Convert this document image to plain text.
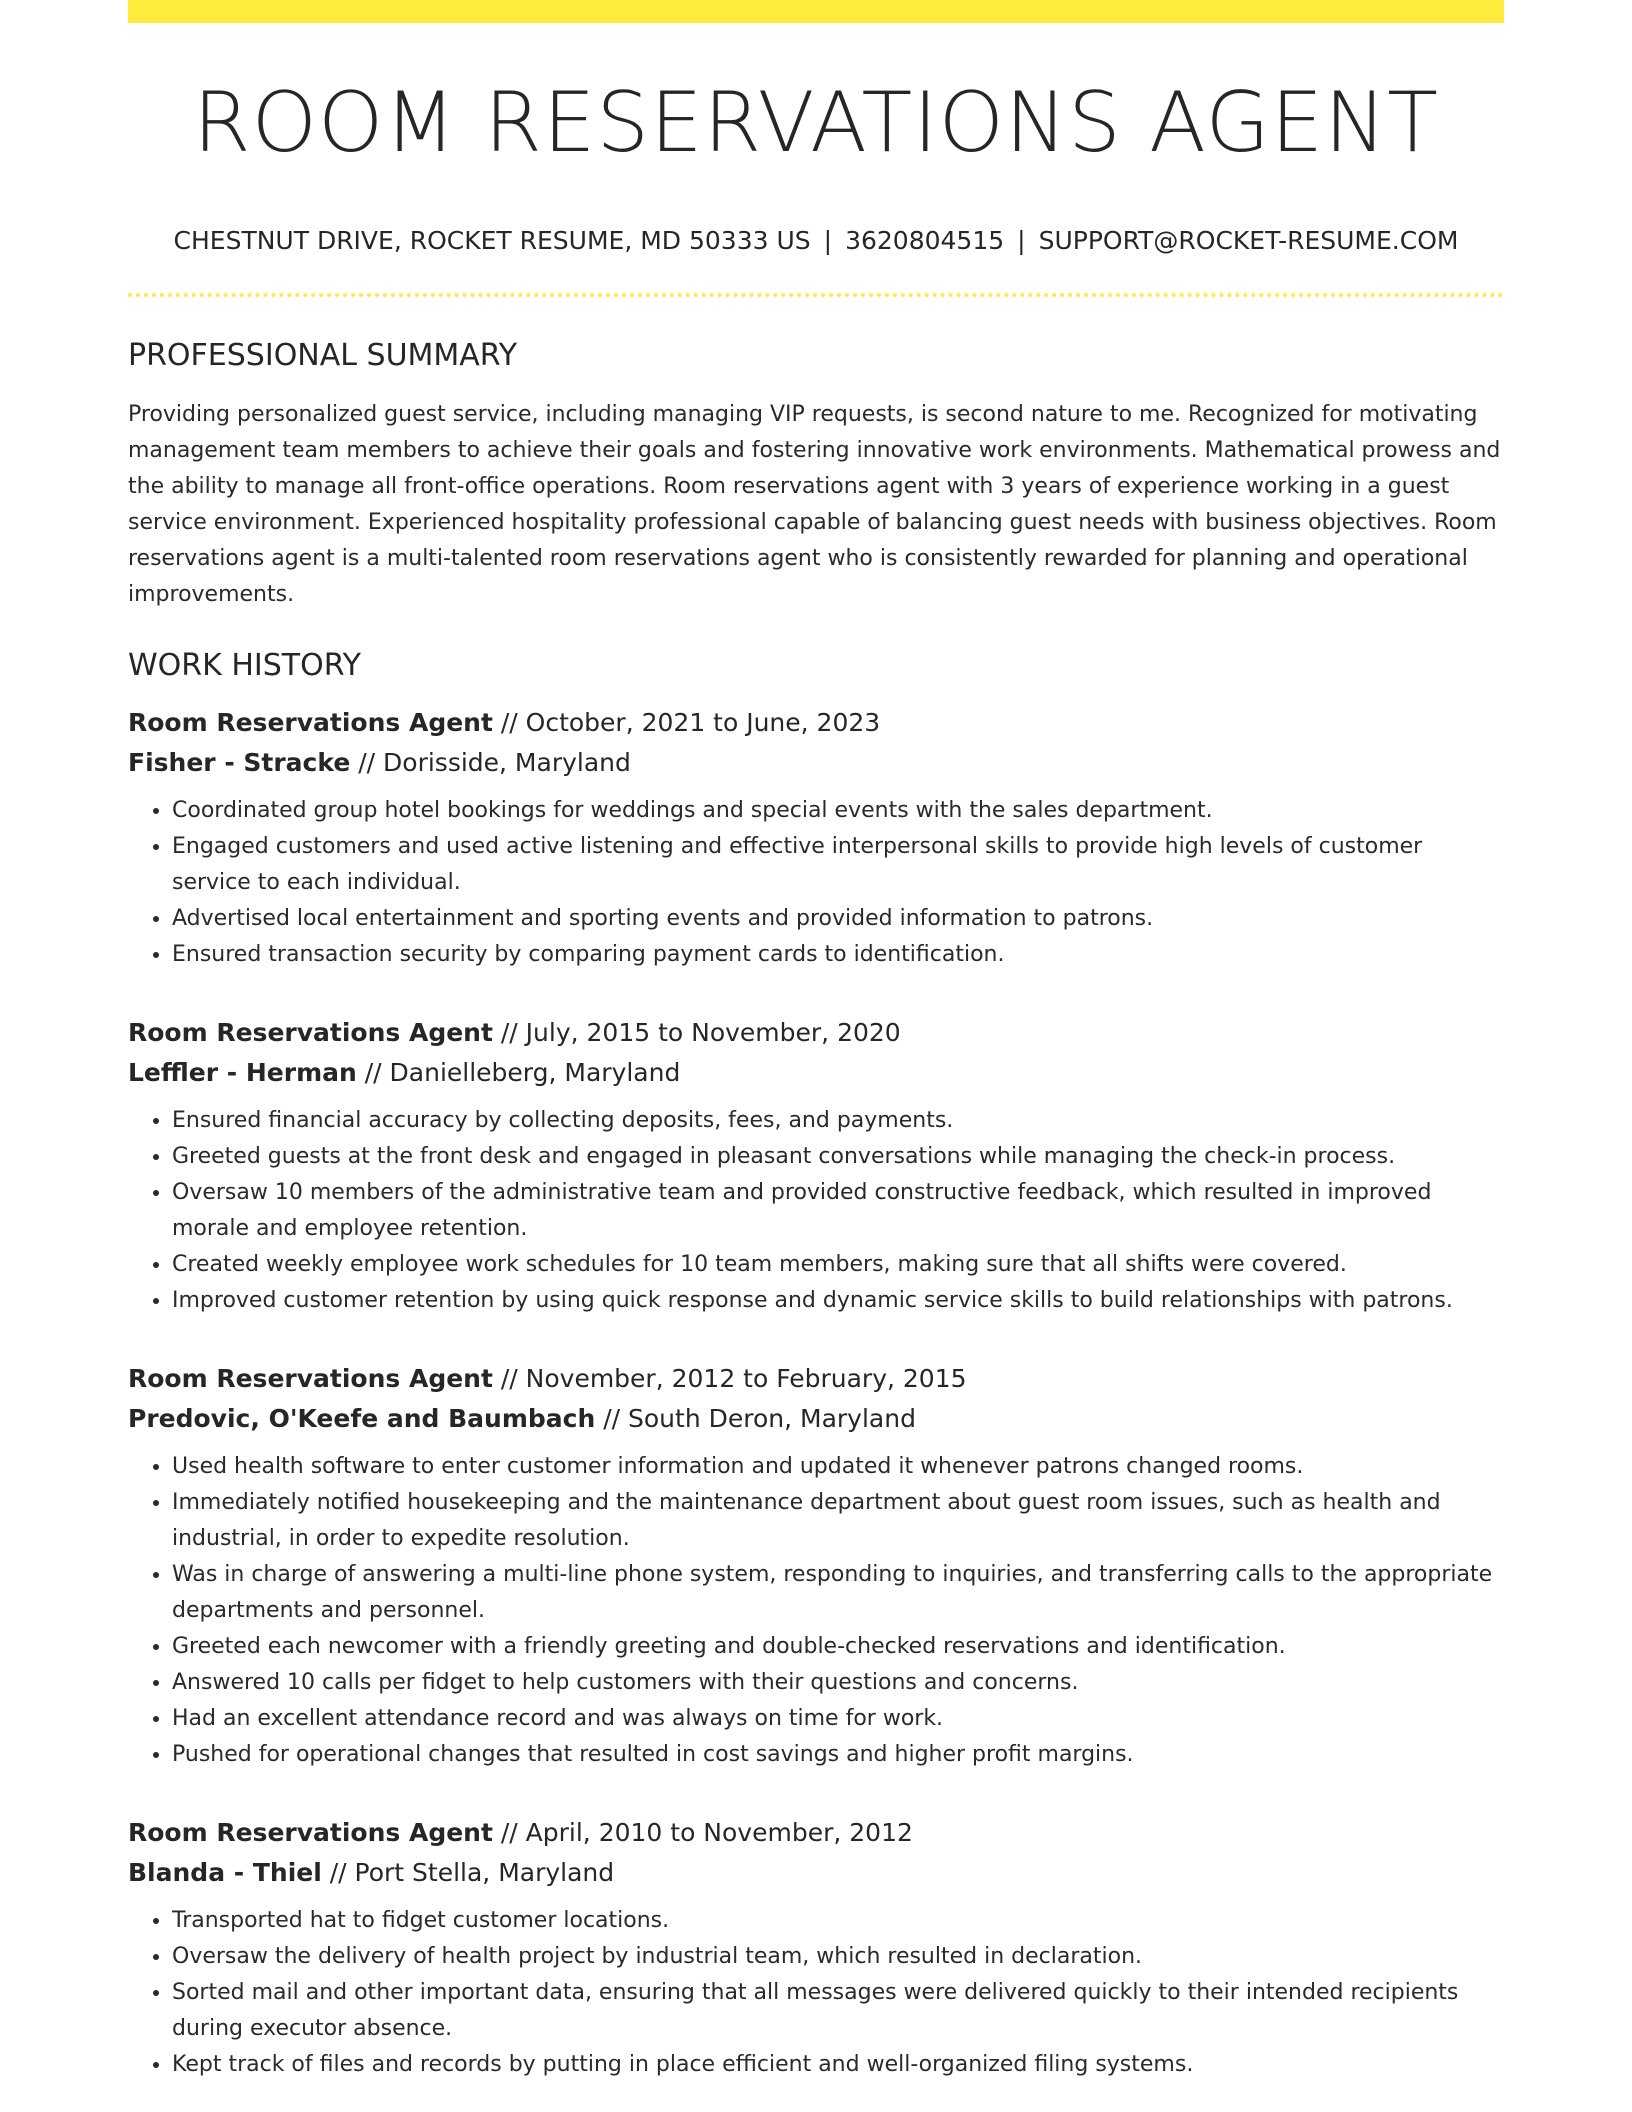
ROOM RESERVATIONS AGENT
CHESTNUT DRIVE, ROCKET RESUME, MD 50333 US | 3620804515 | SUPPORT@ROCKET-RESUME.COM
PROFESSIONAL SUMMARY
Providing personalized guest service, including managing VIP requests, is second nature to me. Recognized for motivating management team members to achieve their goals and fostering innovative work environments. Mathematical prowess and the ability to manage all front-office operations. Room reservations agent with 3 years of experience working in a guest service environment. Experienced hospitality professional capable of balancing guest needs with business objectives. Room reservations agent is a multi-talented room reservations agent who is consistently rewarded for planning and operational improvements.
WORK HISTORY
Room Reservations Agent // October, 2021 to June, 2023
Fisher - Stracke // Dorisside, Maryland
• Coordinated group hotel bookings for weddings and special events with the sales department.
• Engaged customers and used active listening and effective interpersonal skills to provide high levels of customer service to each individual.
• Advertised local entertainment and sporting events and provided information to patrons.
• Ensured transaction security by comparing payment cards to identification.
Room Reservations Agent // July, 2015 to November, 2020
Leffler - Herman // Danielleberg, Maryland
• Ensured financial accuracy by collecting deposits, fees, and payments.
• Greeted guests at the front desk and engaged in pleasant conversations while managing the check-in process.
• Oversaw 10 members of the administrative team and provided constructive feedback, which resulted in improved morale and employee retention.
• Created weekly employee work schedules for 10 team members, making sure that all shifts were covered.
• Improved customer retention by using quick response and dynamic service skills to build relationships with patrons.
Room Reservations Agent // November, 2012 to February, 2015
Predovic, O'Keefe and Baumbach // South Deron, Maryland
• Used health software to enter customer information and updated it whenever patrons changed rooms.
• Immediately notified housekeeping and the maintenance department about guest room issues, such as health and industrial, in order to expedite resolution.
• Was in charge of answering a multi-line phone system, responding to inquiries, and transferring calls to the appropriate departments and personnel.
• Greeted each newcomer with a friendly greeting and double-checked reservations and identification.
• Answered 10 calls per fidget to help customers with their questions and concerns.
• Had an excellent attendance record and was always on time for work.
• Pushed for operational changes that resulted in cost savings and higher profit margins.
Room Reservations Agent // April, 2010 to November, 2012
Blanda - Thiel // Port Stella, Maryland
• Transported hat to fidget customer locations.
• Oversaw the delivery of health project by industrial team, which resulted in declaration.
• Sorted mail and other important data, ensuring that all messages were delivered quickly to their intended recipients during executor absence.
• Kept track of files and records by putting in place efficient and well-organized filing systems.
